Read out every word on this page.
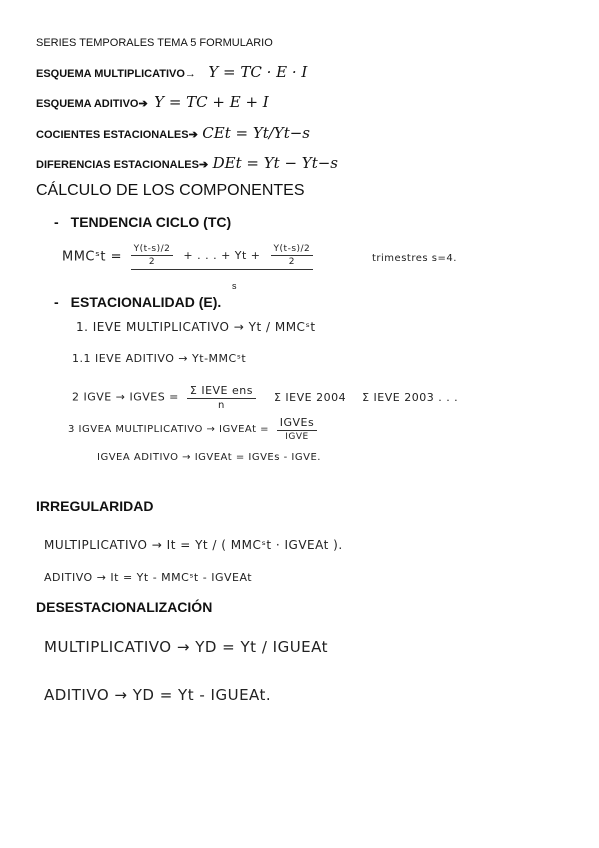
SERIES TEMPORALES TEMA 5 FORMULARIO
ESQUEMA MULTIPLICATIVO→ Y = TC · E · I
ESQUEMA ADITIVO➔ Y = TC + E + I
COCIENTES ESTACIONALES➔ CEt = Yt/Yt−s
DIFERENCIAS ESTACIONALES➔ DEt = Yt − Yt−s
CÁLCULO DE LOS COMPONENTES
- TENDENCIA CICLO (TC)
MMCˢt = $\frac{Y(t-s)/2}{2}$ + . . . + $Yt + \frac{Y(t-s)/2}{2}$
s
trimestres s=4.
- ESTACIONALIDAD (E).
1. IEVE MULTIPLICATIVO → Yt / MMCˢt
1.1 IEVE ADITIVO → Yt-MMCˢt
2 IGVE → IGVES = $\frac{\text{Σ IEVE ens}}{n}$ Σ IEVE 2004 Σ IEVE 2003 . . .
3 IGVEA MULTIPLICATIVO → IGVEAt = $\frac{\text{IGVEs}}{\text{IGVE}}$
IGVEA ADITIVO → IGVEAt = IGVEs - IGVE.
IRREGULARIDAD
MULTIPLICATIVO → It = Yt / ( MMCˢt · IGVEAt ).
ADITIVO → It = Yt - MMCˢt - IGVEAt
DESESTACIONALIZACIÓN
MULTIPLICATIVO → YD = Yt / IGUEAt
ADITIVO → YD = Yt - IGUEAt.
